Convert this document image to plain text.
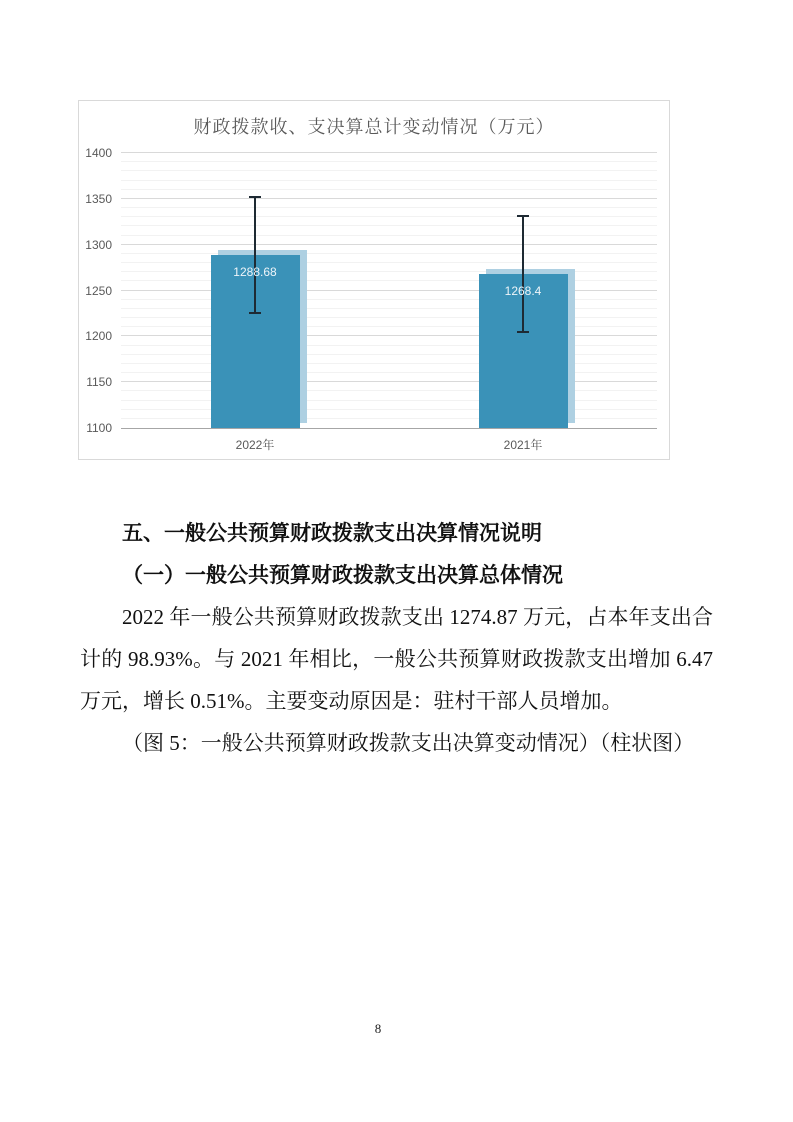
财政拨款收、支决算总计变动情况（万元）
1100
1150
1200
1250
1300
1350
1400
1288.68
2022年
1268.4
2021年
五、一般公共预算财政拨款支出决算情况说明
（一）一般公共预算财政拨款支出决算总体情况
2022 年一般公共预算财政拨款支出 1274.87 万元，占本年支出合计的 98.93%。与 2021 年相比，一般公共预算财政拨款支出增加 6.47 万元，增长 0.51%。主要变动原因是：驻村干部人员增加。
（图 5：一般公共预算财政拨款支出决算变动情况）（柱状图）
8
